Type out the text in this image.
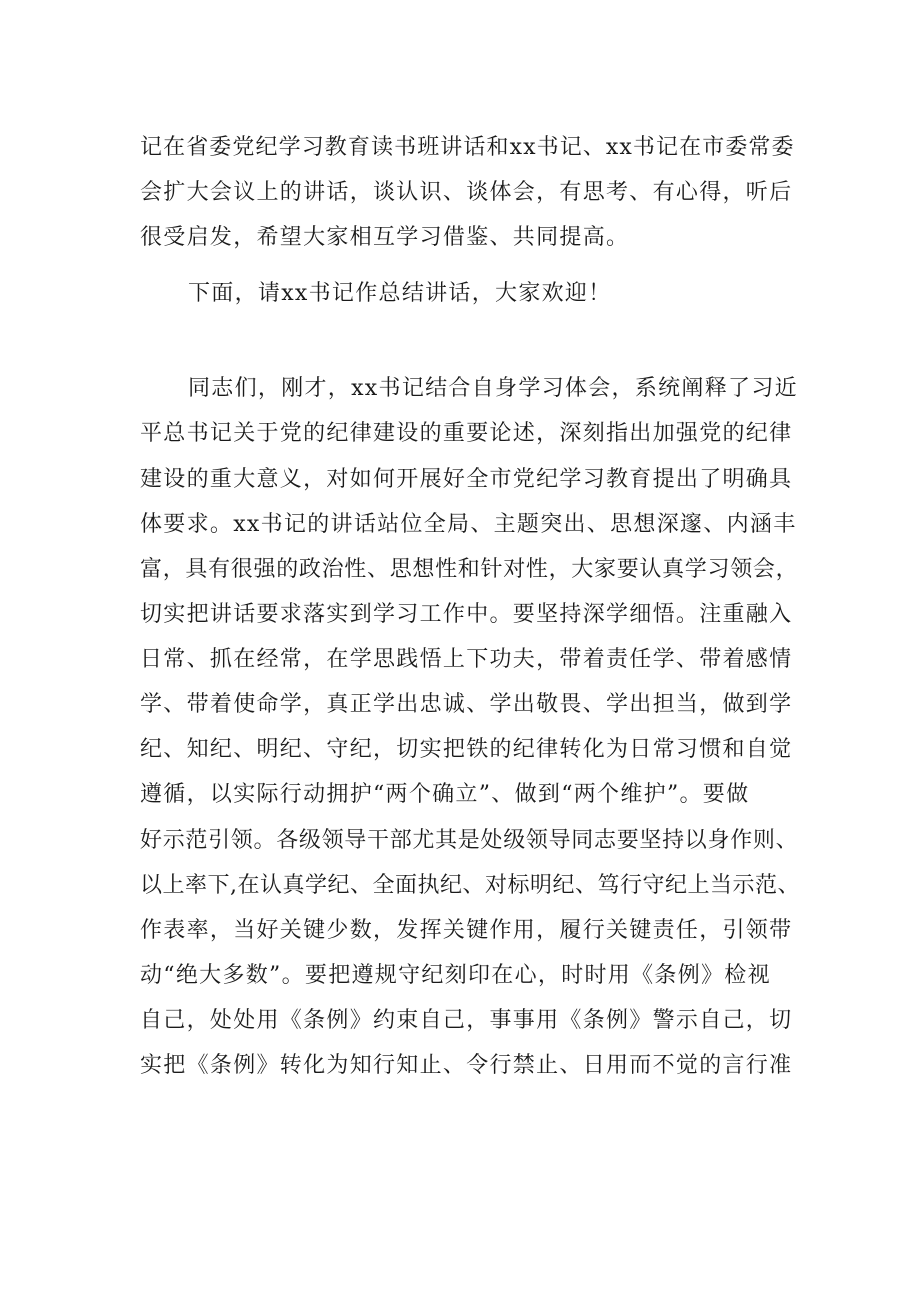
记在省委党纪学习教育读书班讲话和xx书记、xx书记在市委常委
会扩大会议上的讲话，谈认识、谈体会，有思考、有心得，听后
很受启发，希望大家相互学习借鉴、共同提高。
下面，请xx书记作总结讲话，大家欢迎！
同志们，刚才，xx书记结合自身学习体会，系统阐释了习近
平总书记关于党的纪律建设的重要论述，深刻指出加强党的纪律
建设的重大意义，对如何开展好全市党纪学习教育提出了明确具
体要求。xx书记的讲话站位全局、主题突出、思想深邃、内涵丰
富，具有很强的政治性、思想性和针对性，大家要认真学习领会，
切实把讲话要求落实到学习工作中。要坚持深学细悟。注重融入
日常、抓在经常，在学思践悟上下功夫，带着责任学、带着感情
学、带着使命学，真正学出忠诚、学出敬畏、学出担当，做到学
纪、知纪、明纪、守纪，切实把铁的纪律转化为日常习惯和自觉
遵循，以实际行动拥护“两个确立”、做到“两个维护”。要做
好示范引领。各级领导干部尤其是处级领导同志要坚持以身作则、
以上率下,在认真学纪、全面执纪、对标明纪、笃行守纪上当示范、
作表率，当好关键少数，发挥关键作用，履行关键责任，引领带
动“绝大多数”。要把遵规守纪刻印在心，时时用《条例》检视
自己，处处用《条例》约束自己，事事用《条例》警示自己，切
实把《条例》转化为知行知止、令行禁止、日用而不觉的言行准
